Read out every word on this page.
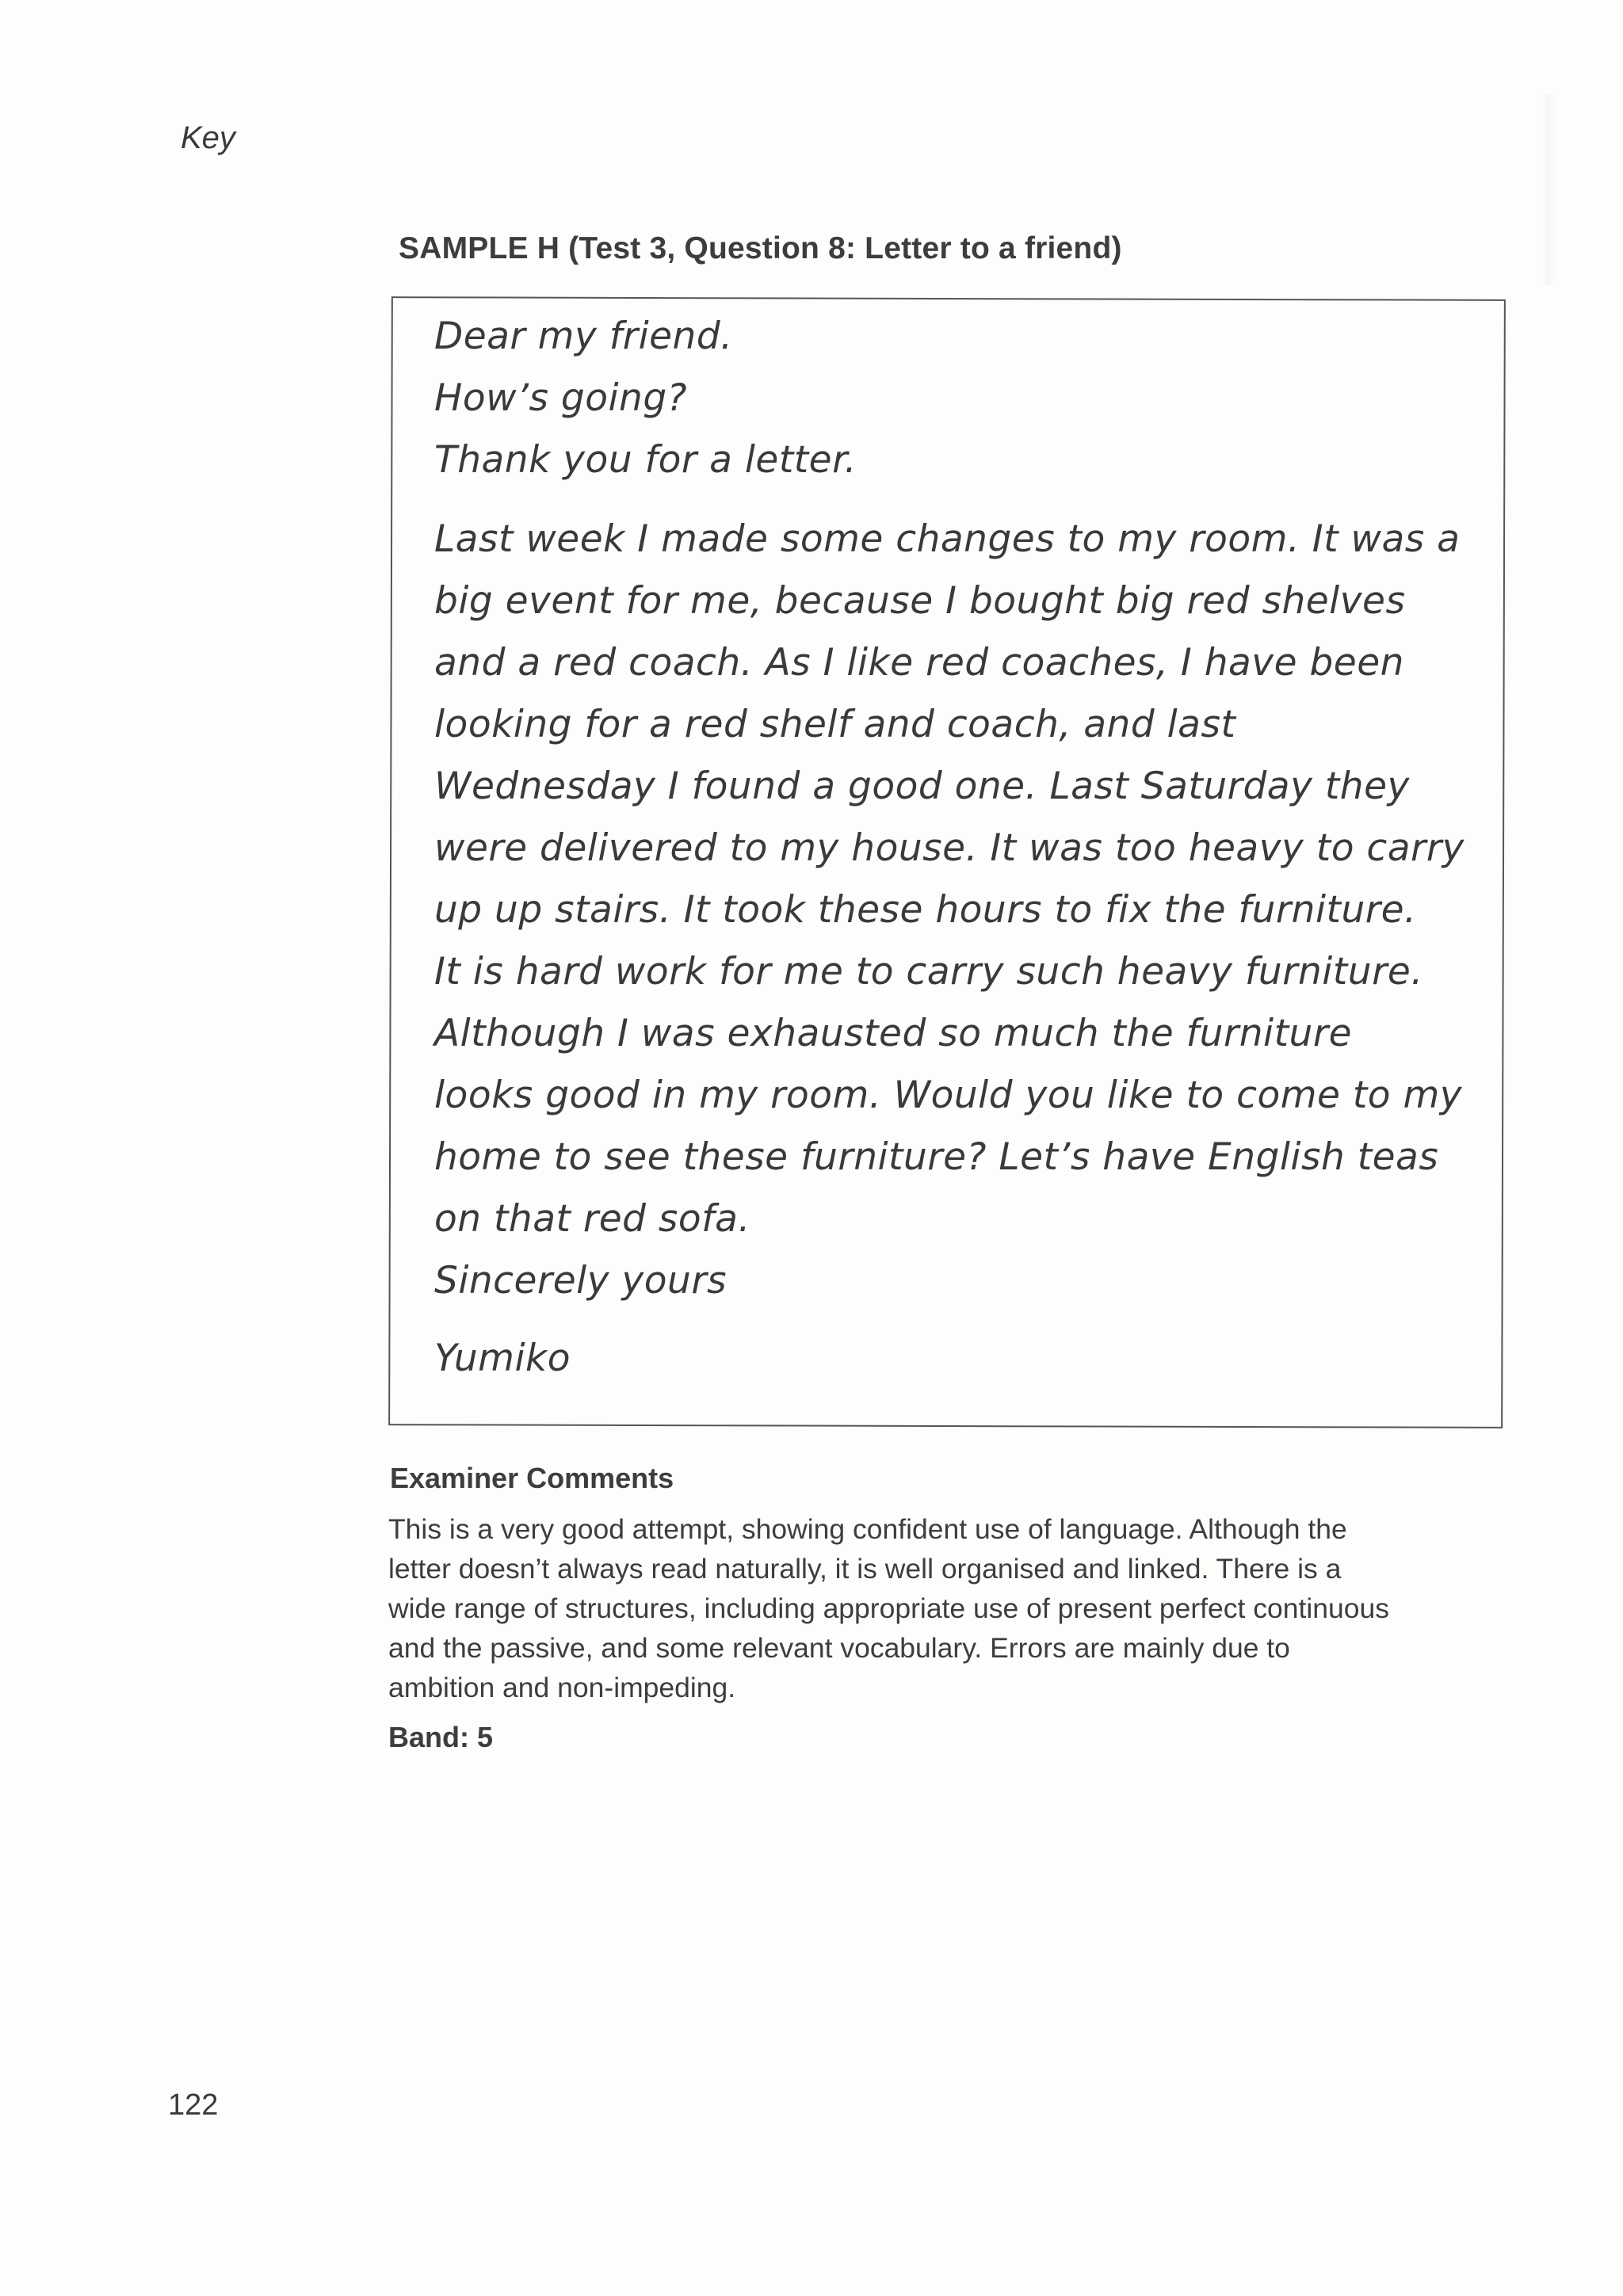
Key
SAMPLE H (Test 3, Question 8: Letter to a friend)
Dear my friend.
How’s going?
Thank you for a letter.
Last week I made some changes to my room. It was a
big event for me, because I bought big red shelves
and a red coach. As I like red coaches, I have been
looking for a red shelf and coach, and last
Wednesday I found a good one. Last Saturday they
were delivered to my house. It was too heavy to carry
up up stairs. It took these hours to fix the furniture.
It is hard work for me to carry such heavy furniture.
Although I was exhausted so much the furniture
looks good in my room. Would you like to come to my
home to see these furniture? Let’s have English teas
on that red sofa.
Sincerely yours
Yumiko
Examiner Comments
This is a very good attempt, showing confident use of language. Although the
letter doesn’t always read naturally, it is well organised and linked. There is a
wide range of structures, including appropriate use of present perfect continuous
and the passive, and some relevant vocabulary. Errors are mainly due to
ambition and non-impeding.
Band: 5
122
